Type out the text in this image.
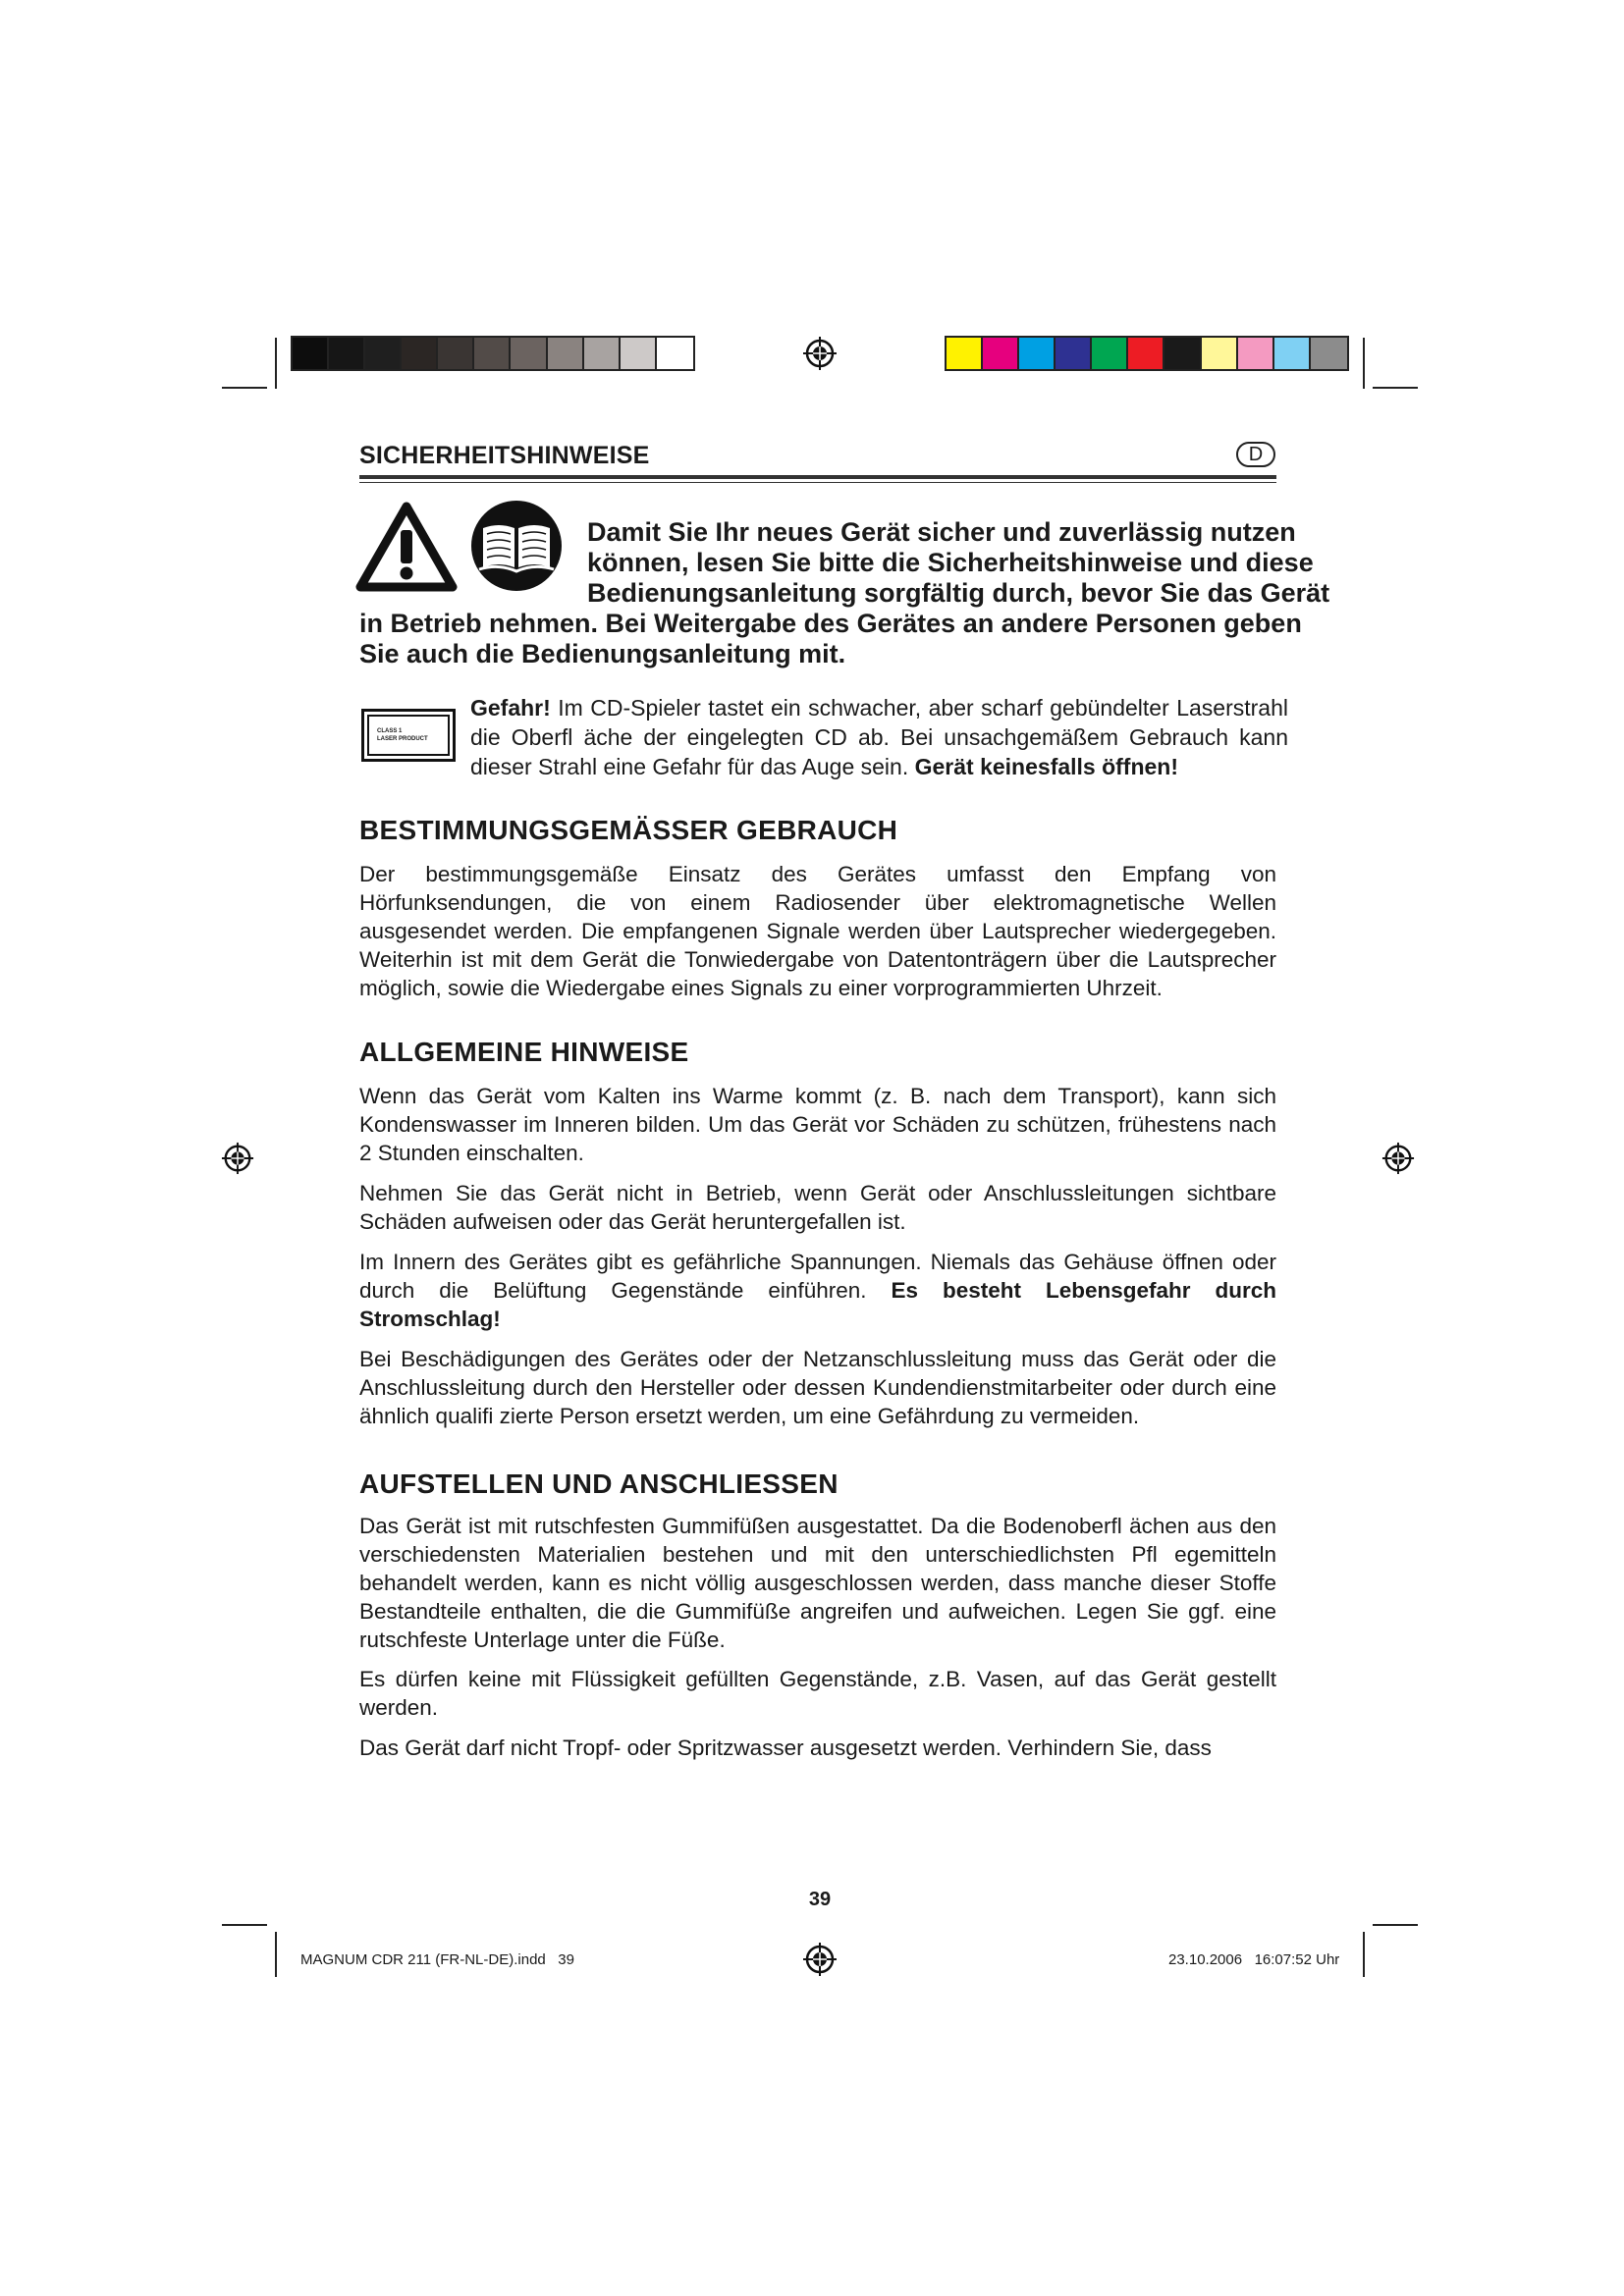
SICHERHEITSHINWEISE	D
Damit Sie Ihr neues Gerät sicher und zuverlässig nutzen
können, lesen Sie bitte die Sicherheitshinweise und diese
Bedienungsanleitung sorgfältig durch, bevor Sie das Gerät
in Betrieb nehmen. Bei Weitergabe des Gerätes an andere Personen geben
Sie auch die Bedienungsanleitung mit.
CLASS 1
LASER PRODUCT
Gefahr! Im CD-Spieler tastet ein schwacher, aber scharf gebündelter Laserstrahl die Oberfl äche der eingelegten CD ab. Bei unsachgemäßem Gebrauch kann dieser Strahl eine Gefahr für das Auge sein. Gerät keinesfalls öffnen!
BESTIMMUNGSGEMÄSSER GEBRAUCH
Der bestimmungsgemäße Einsatz des Gerätes umfasst den Empfang von Hörfunksendungen, die von einem Radiosender über elektromagnetische Wellen ausgesendet werden. Die empfangenen Signale werden über Lautsprecher wiedergegeben. Weiterhin ist mit dem Gerät die Tonwiedergabe von Datentonträgern über die Lautsprecher möglich, sowie die Wiedergabe eines Signals zu einer vorprogrammierten Uhrzeit.
ALLGEMEINE HINWEISE
Wenn das Gerät vom Kalten ins Warme kommt (z. B. nach dem Transport), kann sich Kondenswasser im Inneren bilden. Um das Gerät vor Schäden zu schützen, frühestens nach 2 Stunden einschalten.
Nehmen Sie das Gerät nicht in Betrieb, wenn Gerät oder Anschlussleitungen sichtbare Schäden aufweisen oder das Gerät heruntergefallen ist.
Im Innern des Gerätes gibt es gefährliche Spannungen. Niemals das Gehäuse öffnen oder durch die Belüftung Gegenstände einführen. Es besteht Lebensgefahr durch Stromschlag!
Bei Beschädigungen des Gerätes oder der Netzanschlussleitung muss das Gerät oder die Anschlussleitung durch den Hersteller oder dessen Kundendienstmitarbeiter oder durch eine ähnlich qualifi zierte Person ersetzt werden, um eine Gefährdung zu vermeiden.
AUFSTELLEN UND ANSCHLIESSEN
Das Gerät ist mit rutschfesten Gummifüßen ausgestattet. Da die Bodenoberfl ächen aus den verschiedensten Materialien bestehen und mit den unterschiedlichsten Pfl egemitteln behandelt werden, kann es nicht völlig ausgeschlossen werden, dass manche dieser Stoffe Bestandteile enthalten, die die Gummifüße angreifen und aufweichen. Legen Sie ggf. eine rutschfeste Unterlage unter die Füße.
Es dürfen keine mit Flüssigkeit gefüllten Gegenstände, z.B. Vasen, auf das Gerät gestellt werden.
Das Gerät darf nicht Tropf- oder Spritzwasser ausgesetzt werden. Verhindern Sie, dass
39
MAGNUM CDR 211 (FR-NL-DE).indd   39	23.10.2006   16:07:52 Uhr
